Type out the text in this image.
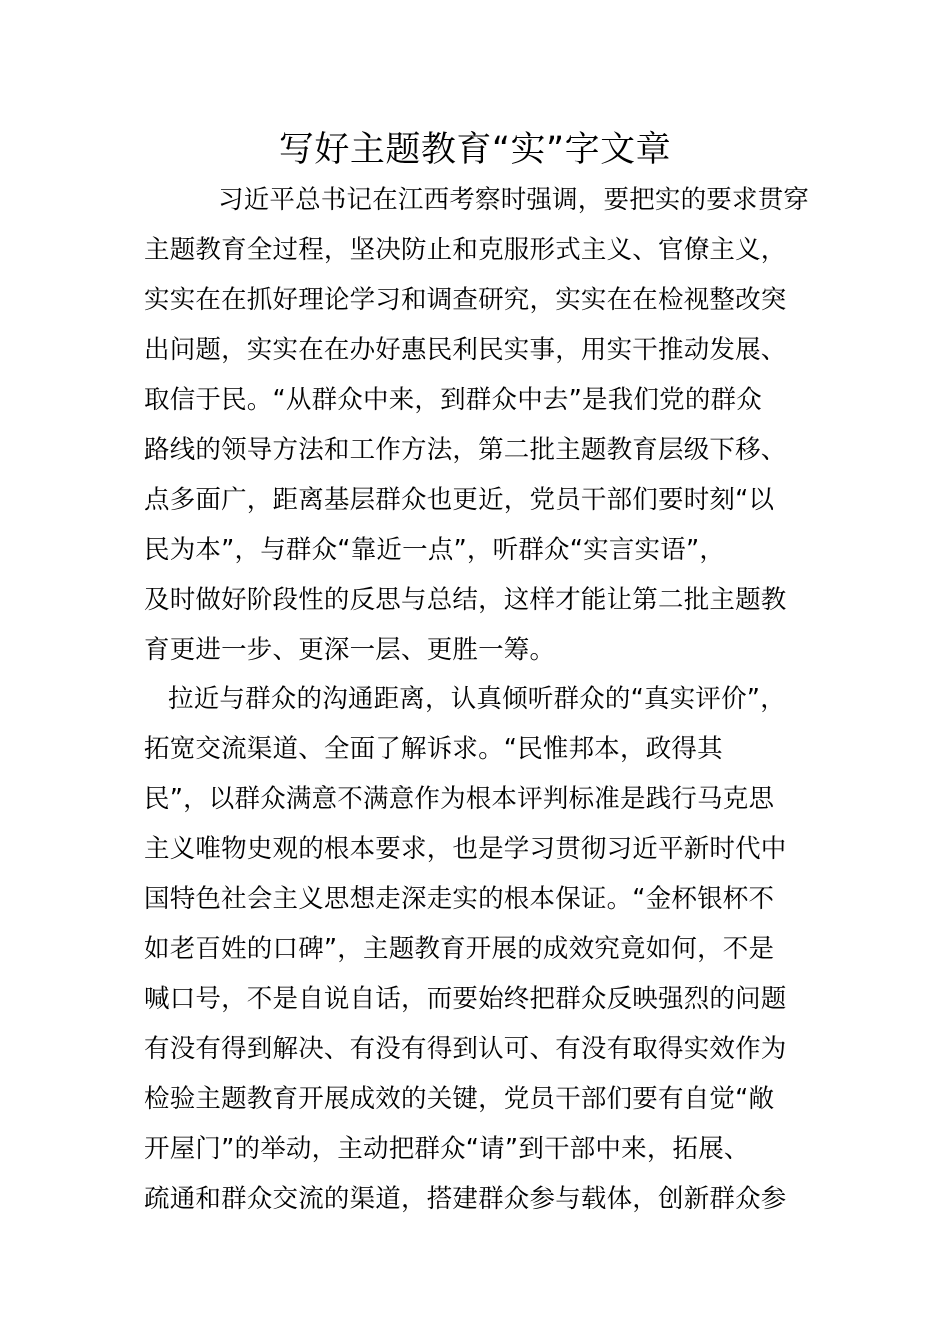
写好主题教育“实”字文章
习近平总书记在江西考察时强调，要把实的要求贯穿
主题教育全过程，坚决防止和克服形式主义、官僚主义，
实实在在抓好理论学习和调查研究，实实在在检视整改突
出问题，实实在在办好惠民利民实事，用实干推动发展、
取信于民。“从群众中来，到群众中去”是我们党的群众
路线的领导方法和工作方法，第二批主题教育层级下移、
点多面广，距离基层群众也更近，党员干部们要时刻“以
民为本”，与群众“靠近一点”，听群众“实言实语”，
及时做好阶段性的反思与总结，这样才能让第二批主题教
育更进一步、更深一层、更胜一筹。
拉近与群众的沟通距离，认真倾听群众的“真实评价”，
拓宽交流渠道、全面了解诉求。“民惟邦本，政得其
民”，以群众满意不满意作为根本评判标准是践行马克思
主义唯物史观的根本要求，也是学习贯彻习近平新时代中
国特色社会主义思想走深走实的根本保证。“金杯银杯不
如老百姓的口碑”，主题教育开展的成效究竟如何，不是
喊口号，不是自说自话，而要始终把群众反映强烈的问题
有没有得到解决、有没有得到认可、有没有取得实效作为
检验主题教育开展成效的关键，党员干部们要有自觉“敞
开屋门”的举动，主动把群众“请”到干部中来，拓展、
疏通和群众交流的渠道，搭建群众参与载体，创新群众参
